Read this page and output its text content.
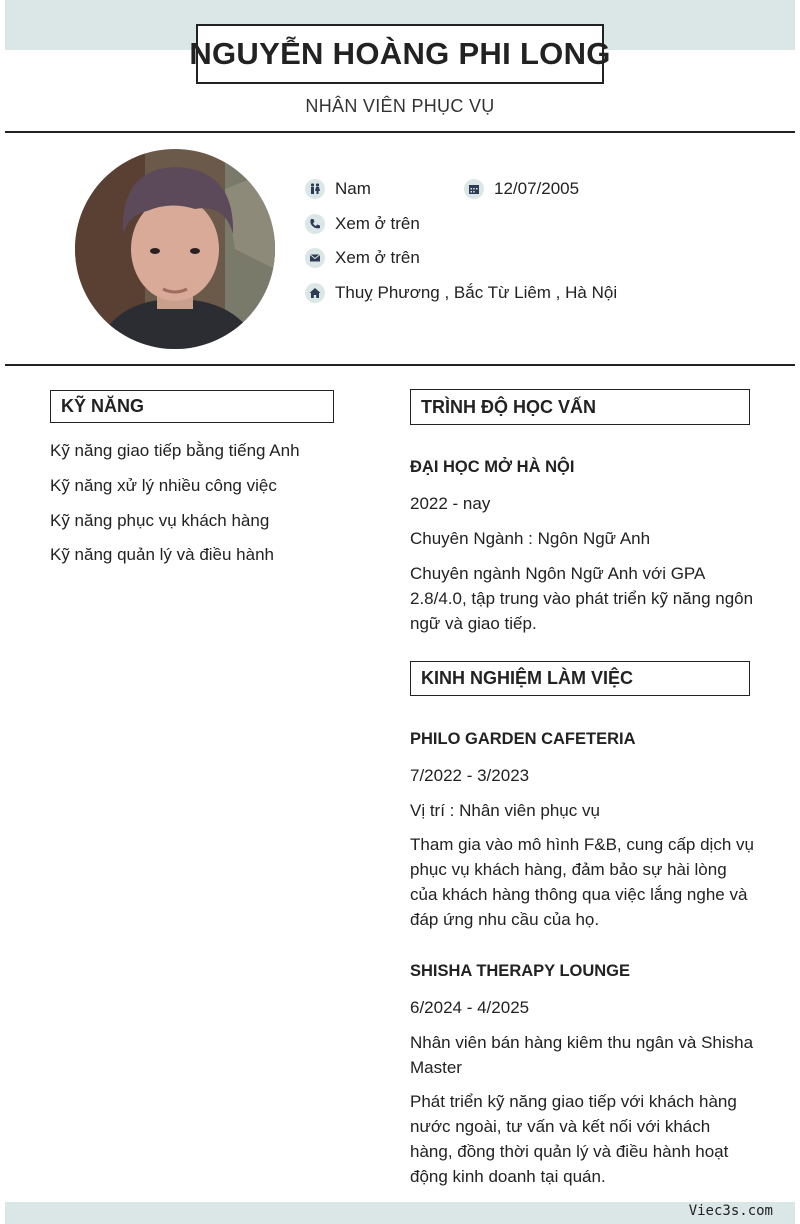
NGUYỄN HOÀNG PHI LONG
NHÂN VIÊN PHỤC VỤ
Nam	12/07/2005
Xem ở trên
Xem ở trên
Thuỵ Phương , Bắc Từ Liêm , Hà Nội
KỸ NĂNG
Kỹ năng giao tiếp bằng tiếng Anh
Kỹ năng xử lý nhiều công việc
Kỹ năng phục vụ khách hàng
Kỹ năng quản lý và điều hành
TRÌNH ĐỘ HỌC VẤN
ĐẠI HỌC MỞ HÀ NỘI
2022 - nay
Chuyên Ngành : Ngôn Ngữ Anh
Chuyên ngành Ngôn Ngữ Anh với GPA 2.8/4.0, tập trung vào phát triển kỹ năng ngôn ngữ và giao tiếp.
KINH NGHIỆM LÀM VIỆC
PHILO GARDEN CAFETERIA
7/2022 - 3/2023
Vị trí : Nhân viên phục vụ
Tham gia vào mô hình F&B, cung cấp dịch vụ phục vụ khách hàng, đảm bảo sự hài lòng của khách hàng thông qua việc lắng nghe và đáp ứng nhu cầu của họ.
SHISHA THERAPY LOUNGE
6/2024 - 4/2025
Nhân viên bán hàng kiêm thu ngân và Shisha Master
Phát triển kỹ năng giao tiếp với khách hàng nước ngoài, tư vấn và kết nối với khách hàng, đồng thời quản lý và điều hành hoạt động kinh doanh tại quán.
Viec3s.com
